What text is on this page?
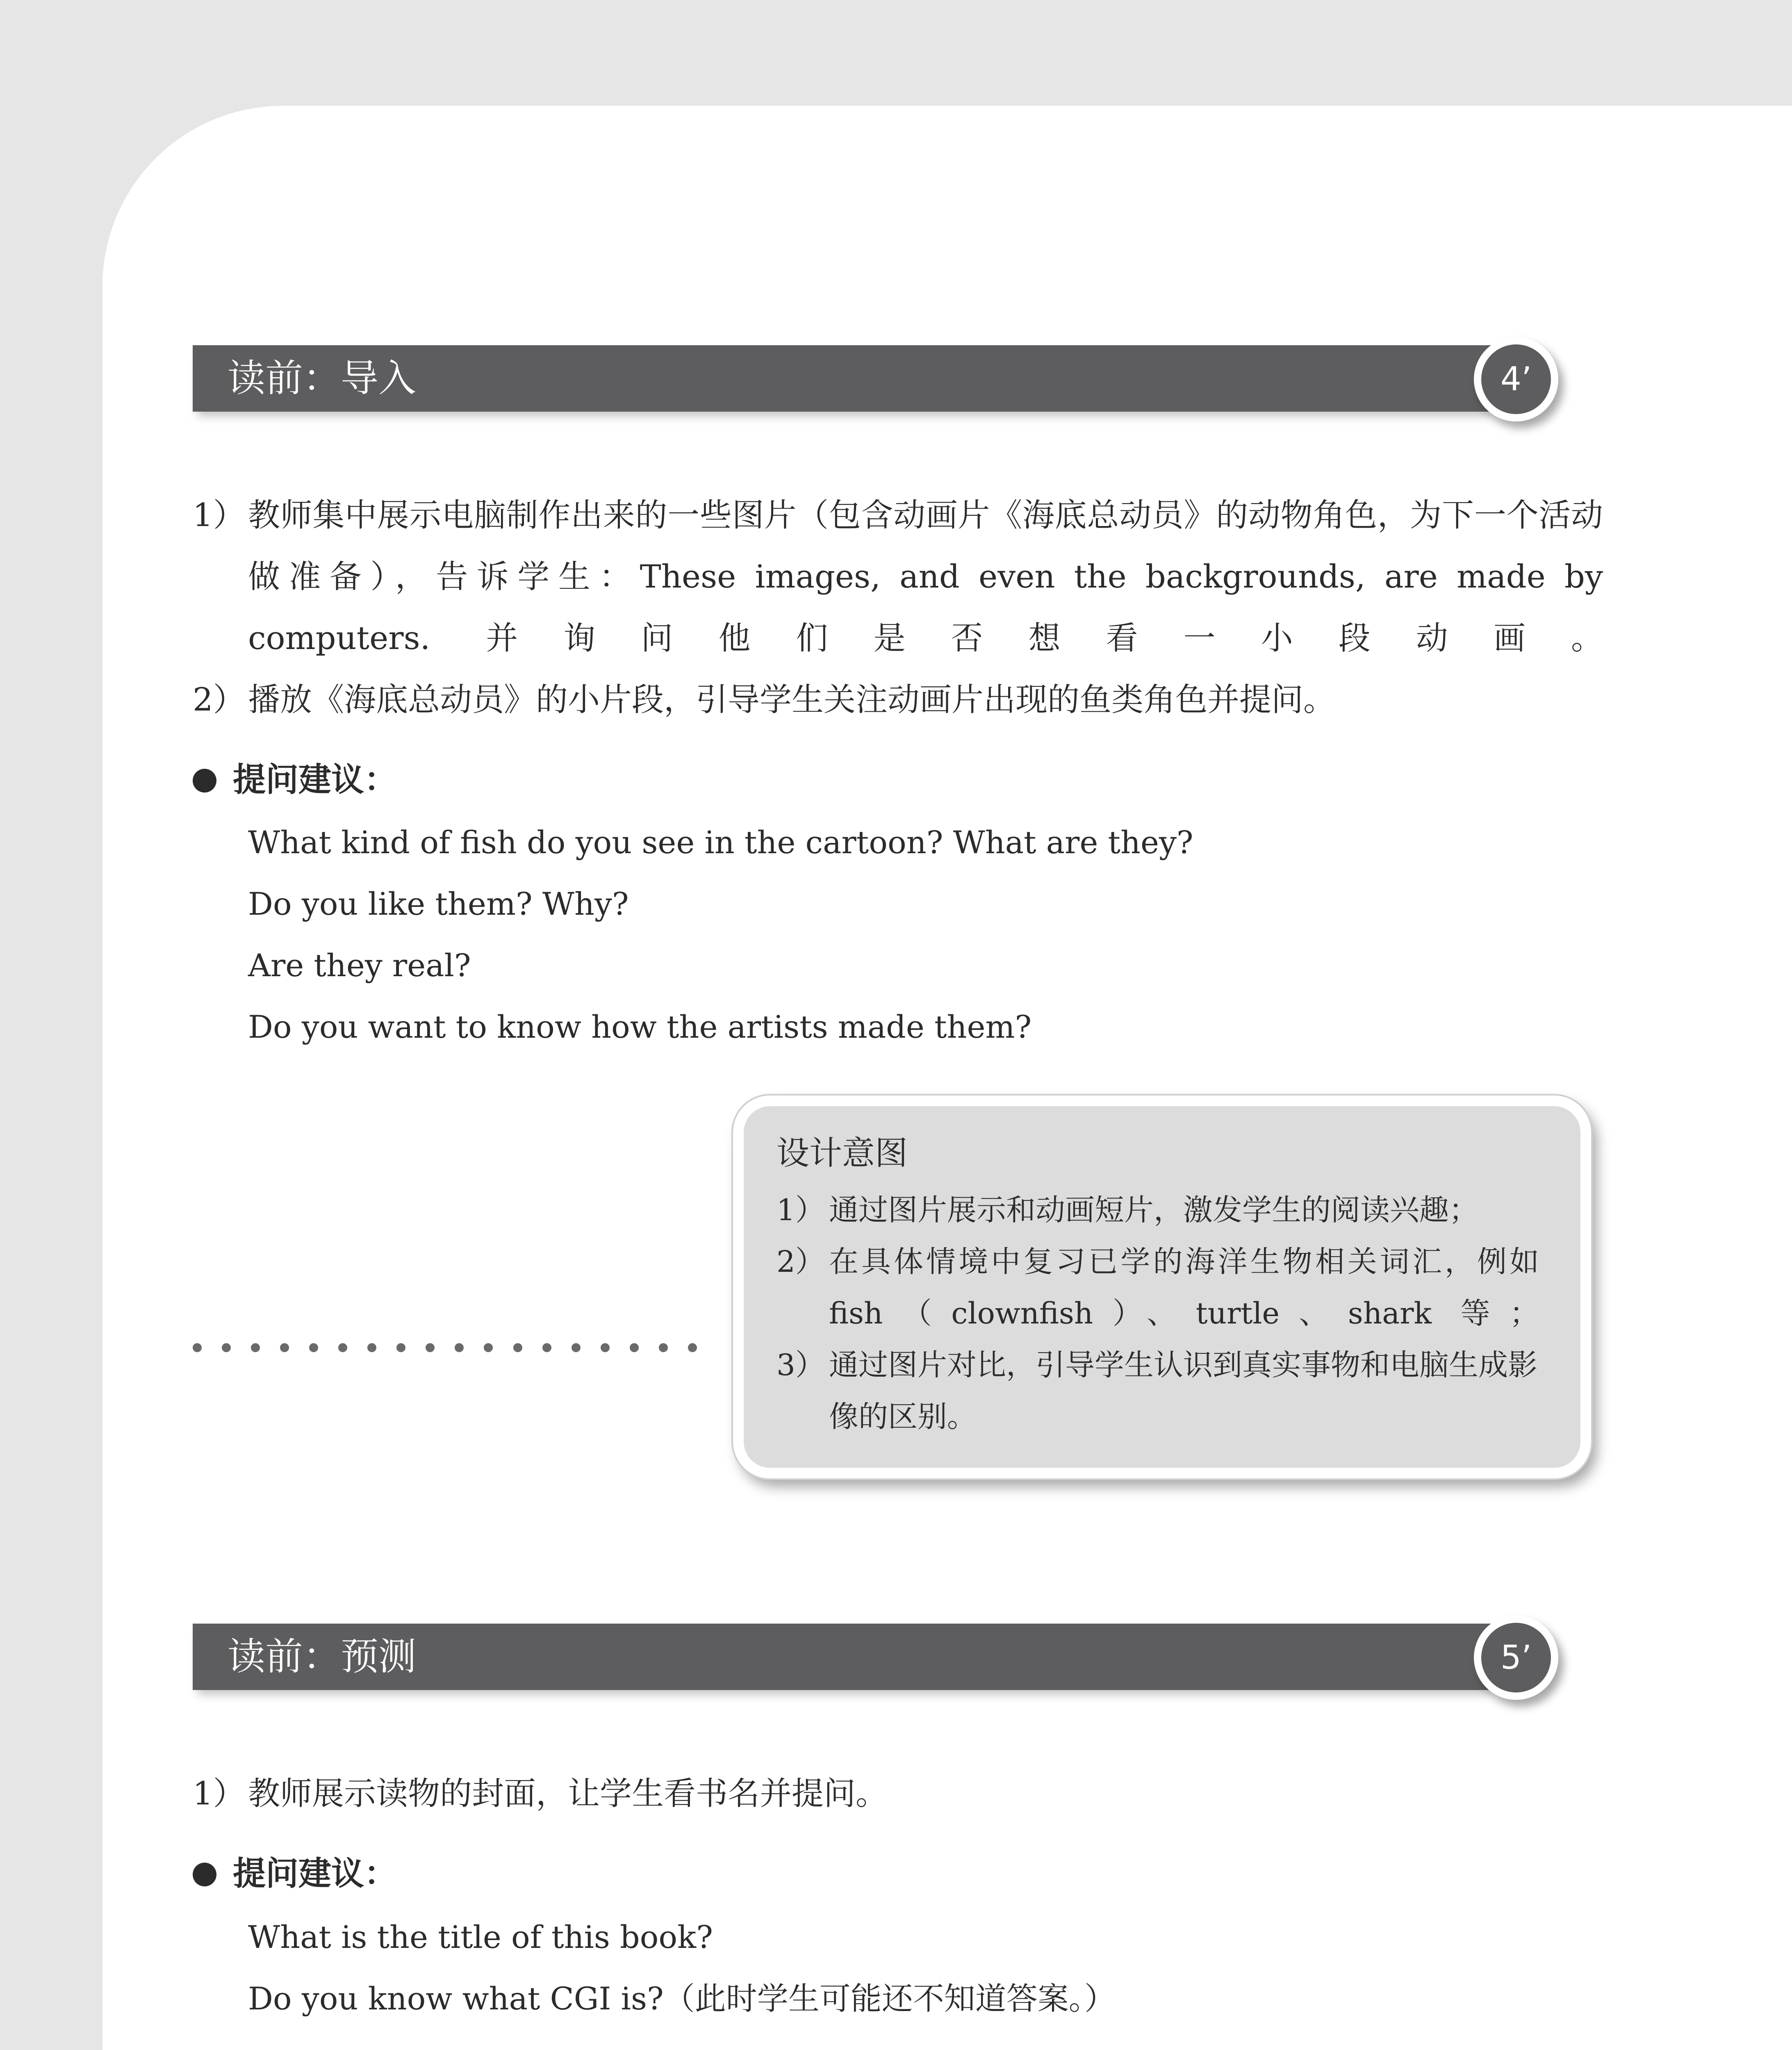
读前：导入	4’

1） 教师集中展示电脑制作出来的一些图片（包含动画片《海底总动员》的动物角色，为下一个活动做准备），告诉学生：These images, and even the backgrounds, are made by computers. 并询问他们是否想看一小段动画。

2） 播放《海底总动员》的小片段，引导学生关注动画片出现的鱼类角色并提问。

提问建议：
What kind of fish do you see in the cartoon? What are they?
Do you like them? Why?
Are they real?
Do you want to know how the artists made them?
设计意图

1） 通过图片展示和动画短片，激发学生的阅读兴趣；

2） 在具体情境中复习已学的海洋生物相关词汇，例如 fish（clownfish）、turtle、shark 等；

3） 通过图片对比，引导学生认识到真实事物和电脑生成影像的区别。

读前：预测	5’

1） 教师展示读物的封面，让学生看书名并提问。

提问建议：
What is the title of this book?
Do you know what CGI is?（此时学生可能还不知道答案。）
